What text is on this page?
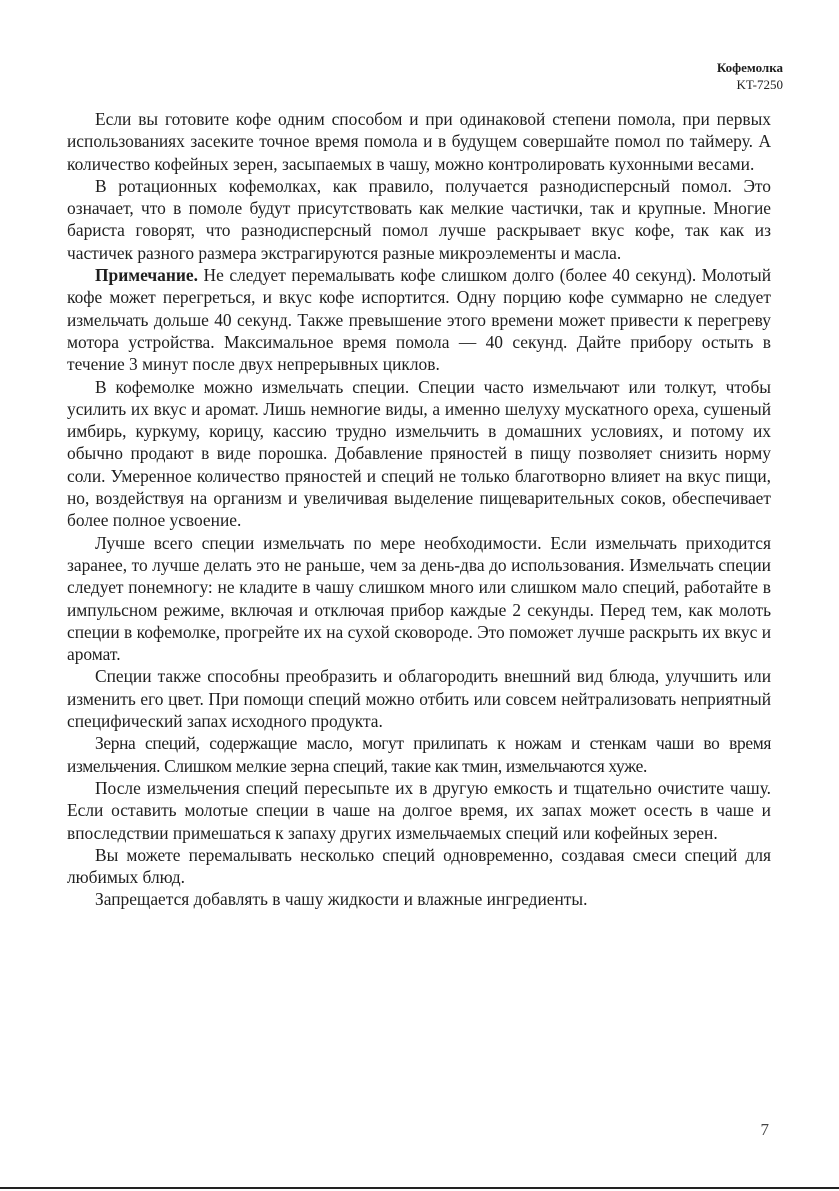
Кофемолка
KT-7250

Если вы готовите кофе одним способом и при одинаковой степени помола, при первых использованиях засеките точное время помола и в будущем совершайте помол по таймеру. А количество кофейных зерен, засыпаемых в чашу, можно контролировать кухонными весами.

В ротационных кофемолках, как правило, получается разнодисперсный помол. Это означает, что в помоле будут присутствовать как мелкие частички, так и крупные. Многие бариста говорят, что разнодисперсный помол лучше раскрывает вкус кофе, так как из частичек разного размера экстрагируются разные микроэлементы и масла.

Примечание. Не следует перемалывать кофе слишком долго (более 40 секунд). Молотый кофе может перегреться, и вкус кофе испортится. Одну порцию кофе суммарно не следует измельчать дольше 40 секунд. Также превышение этого времени может привести к перегреву мотора устройства. Максимальное время помола — 40 секунд. Дайте прибору остыть в течение 3 минут после двух непрерывных циклов.

В кофемолке можно измельчать специи. Специи часто измельчают или толкут, чтобы усилить их вкус и аромат. Лишь немногие виды, а именно шелуху мускатного ореха, сушеный имбирь, куркуму, корицу, кассию трудно измельчить в домашних условиях, и потому их обычно продают в виде порошка. Добавление пряностей в пищу позволяет снизить норму соли. Умеренное количество пряностей и специй не только благотворно влияет на вкус пищи, но, воздействуя на организм и увеличивая выделение пищеварительных соков, обеспечивает более полное усвоение.

Лучше всего специи измельчать по мере необходимости. Если измельчать приходится заранее, то лучше делать это не раньше, чем за день-два до использования. Измельчать специи следует понемногу: не кладите в чашу слишком много или слишком мало специй, работайте в импульсном режиме, включая и отключая прибор каждые 2 секунды. Перед тем, как молоть специи в кофемолке, прогрейте их на сухой сковороде. Это поможет лучше раскрыть их вкус и аромат.

Специи также способны преобразить и облагородить внешний вид блюда, улучшить или изменить его цвет. При помощи специй можно отбить или совсем нейтрализовать неприятный специфический запах исходного продукта.

Зерна специй, содержащие масло, могут прилипать к ножам и стенкам чаши во время измельчения. Слишком мелкие зерна специй, такие как тмин, измельчаются хуже.

После измельчения специй пересыпьте их в другую емкость и тщательно очистите чашу. Если оставить молотые специи в чаше на долгое время, их запах может осесть в чаше и впоследствии примешаться к запаху других измельчаемых специй или кофейных зерен.

Вы можете перемалывать несколько специй одновременно, создавая смеси специй для любимых блюд.

Запрещается добавлять в чашу жидкости и влажные ингредиенты.

7
